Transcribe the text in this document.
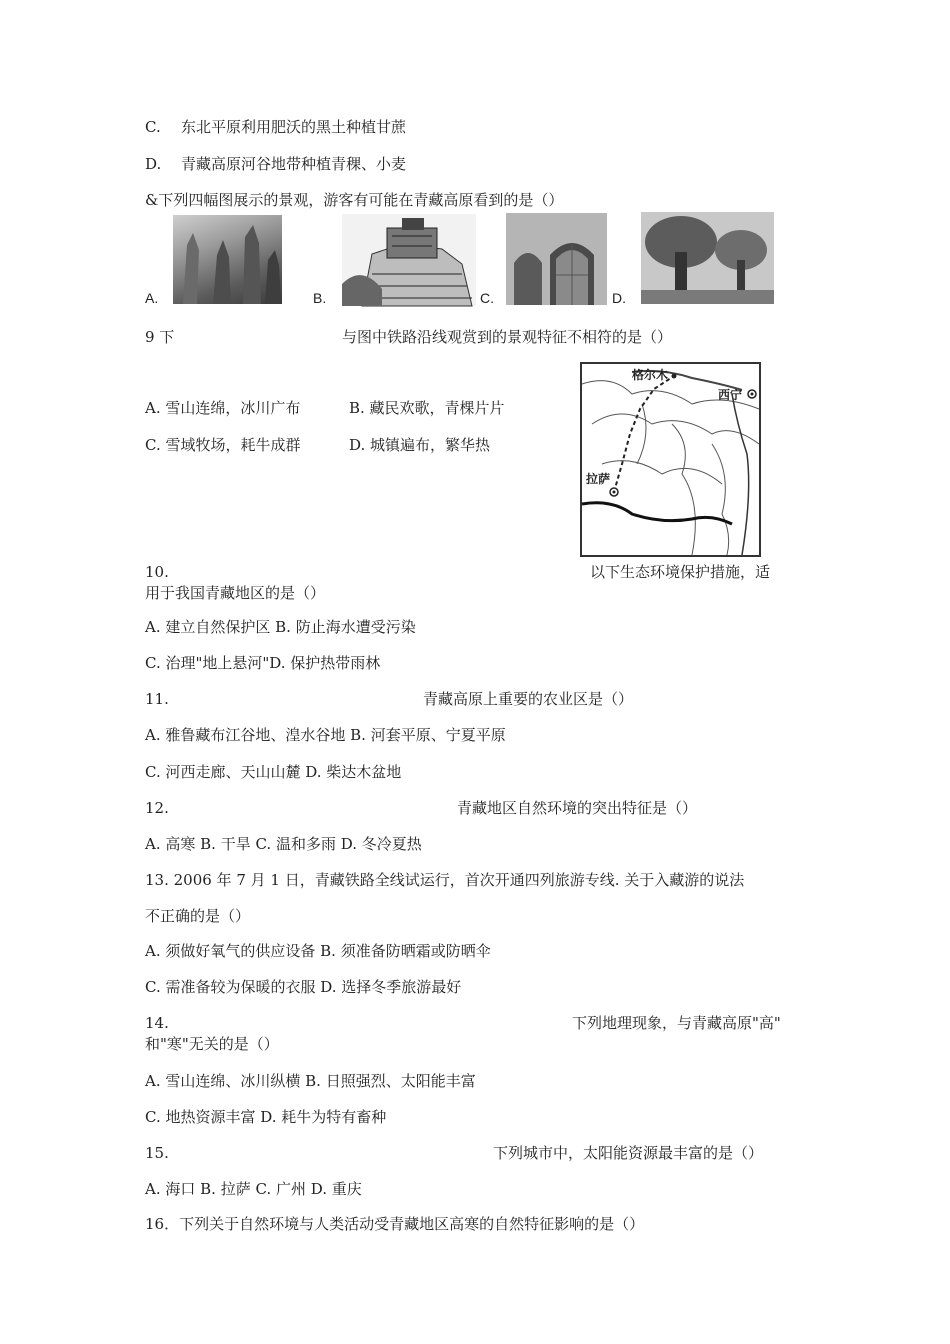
C. 东北平原利用肥沃的黑土种植甘蔗
D. 青藏高原河谷地带种植青稞、小麦
&下列四幅图展示的景观，游客有可能在青藏高原看到的是（）
A.	B.	C.	D.
9 下	与图中铁路沿线观赏到的景观特征不相符的是（）
A. 雪山连绵，冰川广布	B. 藏民欢歌，青棵片片
C. 雪域牧场，耗牛成群	D. 城镇遍布，繁华热
格尔木
西宁
拉萨
10.	以下生态环境保护措施，适
用于我国青藏地区的是（）
A. 建立自然保护区 B. 防止海水遭受污染
C. 治理"地上悬河"D. 保护热带雨林
11.	青藏高原上重要的农业区是（）
A. 雅鲁藏布江谷地、湟水谷地 B. 河套平原、宁夏平原
C. 河西走廊、天山山麓 D. 柴达木盆地
12.	青藏地区自然环境的突出特征是（）
A. 高寒 B. 干旱 C. 温和多雨 D. 冬冷夏热
13. 2006 年 7 月 1 日，青藏铁路全线试运行，首次开通四列旅游专线. 关于入藏游的说法
不正确的是（）
A. 须做好氧气的供应设备 B. 须准备防晒霜或防晒伞
C. 需准备较为保暖的衣服 D. 选择冬季旅游最好
14.	下列地理现象，与青藏高原"高"
和"寒"无关的是（）
A. 雪山连绵、冰川纵横 B. 日照强烈、太阳能丰富
C. 地热资源丰富 D. 耗牛为特有畜种
15.	下列城市中，太阳能资源最丰富的是（）
A. 海口 B. 拉萨 C. 广州 D. 重庆
16．下列关于自然环境与人类活动受青藏地区高寒的自然特征影响的是（）
